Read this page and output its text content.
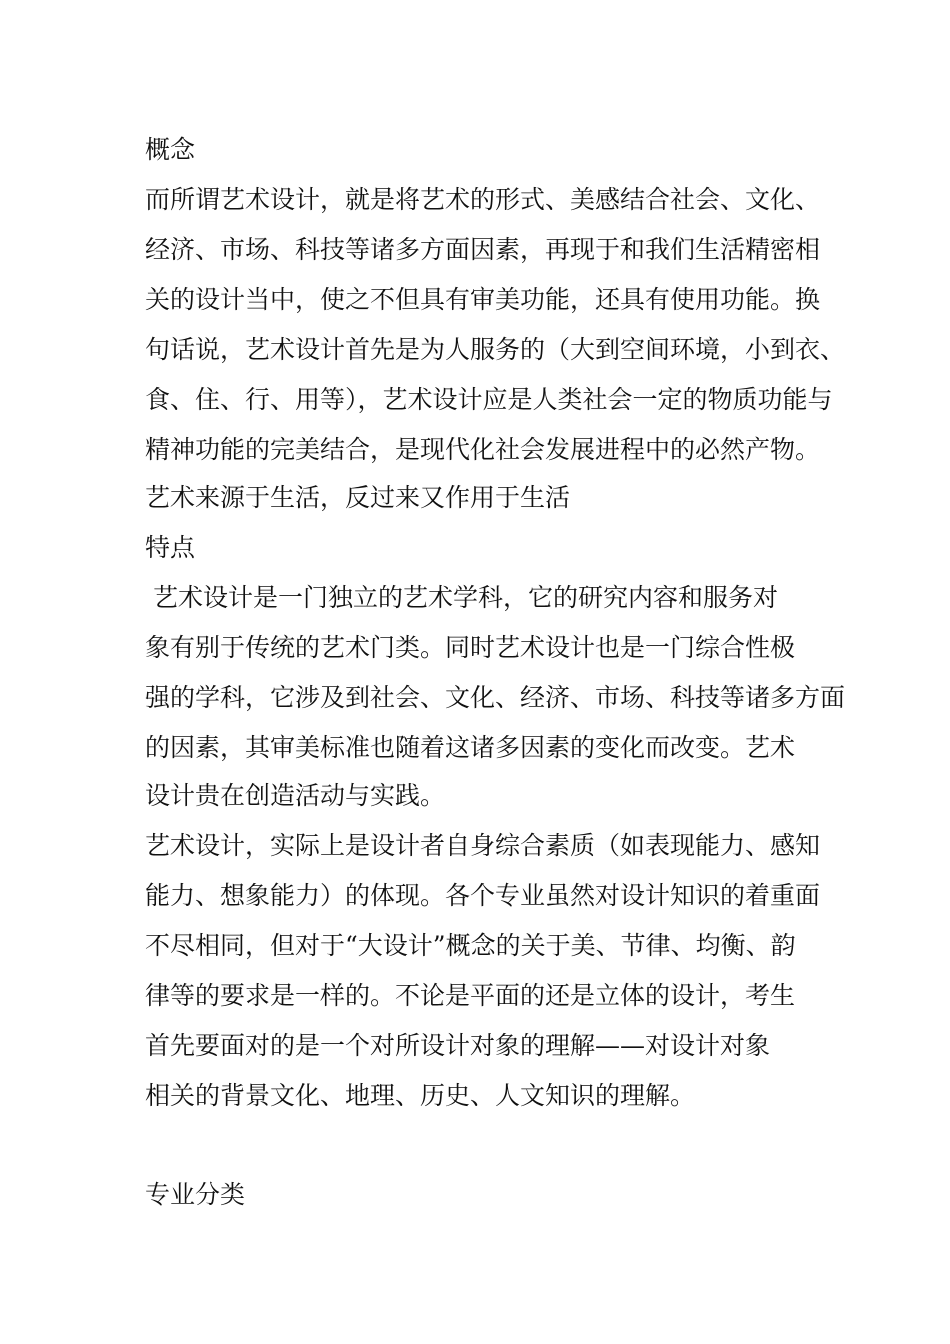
概念

而所谓艺术设计，就是将艺术的形式、美感结合社会、文化、

经济、市场、科技等诸多方面因素，再现于和我们生活精密相

关的设计当中，使之不但具有审美功能，还具有使用功能。换

句话说，艺术设计首先是为人服务的（大到空间环境，小到衣、

食、住、行、用等），艺术设计应是人类社会一定的物质功能与

精神功能的完美结合，是现代化社会发展进程中的必然产物。

艺术来源于生活，反过来又作用于生活

特点

艺术设计是一门独立的艺术学科，它的研究内容和服务对

象有别于传统的艺术门类。同时艺术设计也是一门综合性极

强的学科，它涉及到社会、文化、经济、市场、科技等诸多方面

的因素，其审美标准也随着这诸多因素的变化而改变。艺术

设计贵在创造活动与实践。

艺术设计，实际上是设计者自身综合素质（如表现能力、感知

能力、想象能力）的体现。各个专业虽然对设计知识的着重面

不尽相同，但对于“大设计”概念的关于美、节律、均衡、韵

律等的要求是一样的。不论是平面的还是立体的设计，考生

首先要面对的是一个对所设计对象的理解——对设计对象

相关的背景文化、地理、历史、人文知识的理解。

专业分类
